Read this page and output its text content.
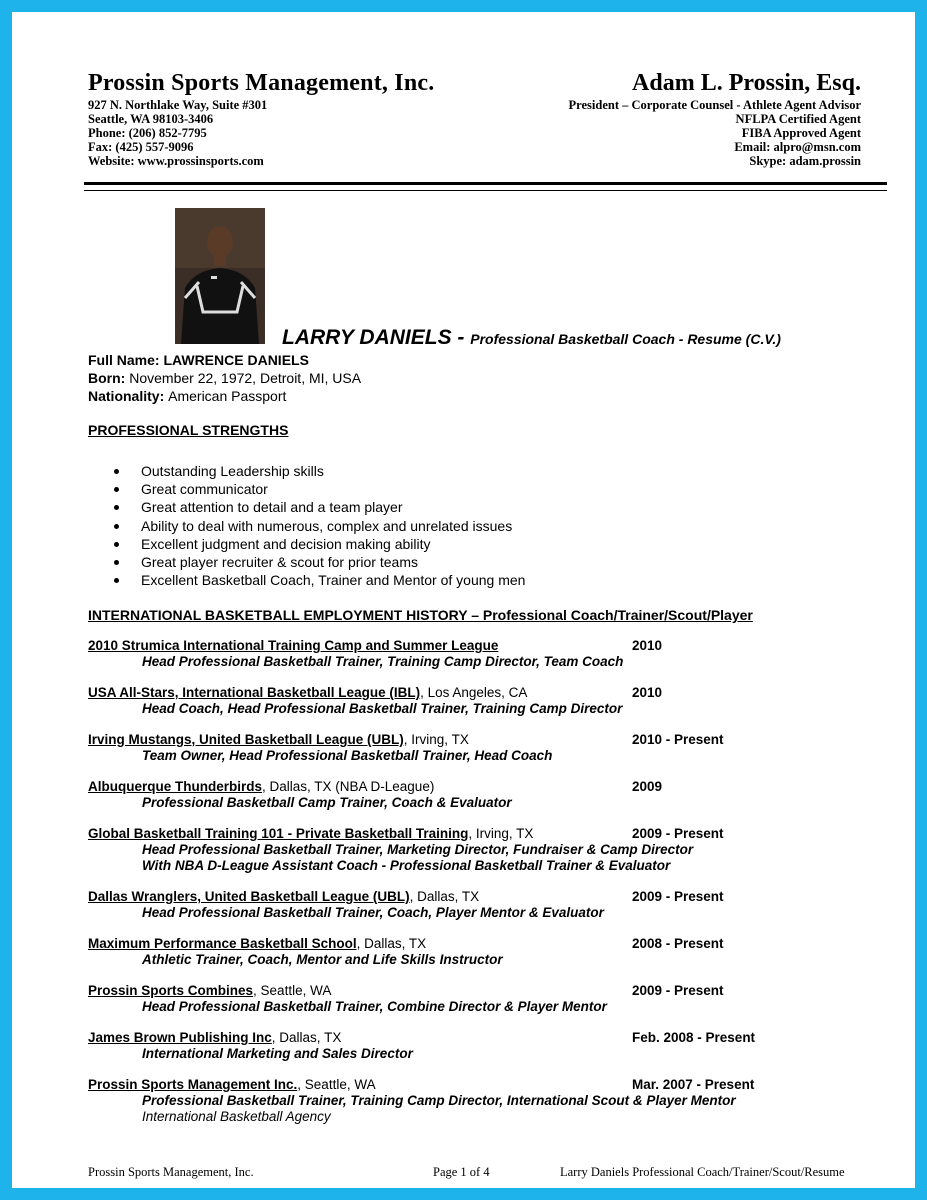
Prossin Sports Management, Inc.	Adam L. Prossin, Esq.
927 N. Northlake Way, Suite #301
Seattle, WA 98103-3406
Phone: (206) 852-7795
Fax: (425) 557-9096
Website: www.prossinsports.com
President – Corporate Counsel - Athlete Agent Advisor
NFLPA Certified Agent
FIBA Approved Agent
Email: alpro@msn.com
Skype: adam.prossin
LARRY DANIELS - Professional Basketball Coach - Resume (C.V.)
Full Name: LAWRENCE DANIELS
Born: November 22, 1972, Detroit, MI, USA
Nationality: American Passport
PROFESSIONAL STRENGTHS
Outstanding Leadership skills
Great communicator
Great attention to detail and a team player
Ability to deal with numerous, complex and unrelated issues
Excellent judgment and decision making ability
Great player recruiter & scout for prior teams
Excellent Basketball Coach, Trainer and Mentor of young men
INTERNATIONAL BASKETBALL EMPLOYMENT HISTORY – Professional Coach/Trainer/Scout/Player
2010 Strumica International Training Camp and Summer League	2010
Head Professional Basketball Trainer, Training Camp Director, Team Coach
USA All-Stars, International Basketball League (IBL), Los Angeles, CA	2010
Head Coach, Head Professional Basketball Trainer, Training Camp Director
Irving Mustangs, United Basketball League (UBL), Irving, TX	2010 - Present
Team Owner, Head Professional Basketball Trainer, Head Coach
Albuquerque Thunderbirds, Dallas, TX (NBA D-League)	2009
Professional Basketball Camp Trainer, Coach & Evaluator
Global Basketball Training 101 - Private Basketball Training, Irving, TX	2009 - Present
Head Professional Basketball Trainer, Marketing Director, Fundraiser & Camp Director
With NBA D-League Assistant Coach - Professional Basketball Trainer & Evaluator
Dallas Wranglers, United Basketball League (UBL), Dallas, TX	2009 - Present
Head Professional Basketball Trainer, Coach, Player Mentor & Evaluator
Maximum Performance Basketball School, Dallas, TX	2008 - Present
Athletic Trainer, Coach, Mentor and Life Skills Instructor
Prossin Sports Combines, Seattle, WA	2009 - Present
Head Professional Basketball Trainer, Combine Director & Player Mentor
James Brown Publishing Inc, Dallas, TX	Feb. 2008 - Present
International Marketing and Sales Director
Prossin Sports Management Inc., Seattle, WA	Mar. 2007 - Present
Professional Basketball Trainer, Training Camp Director, International Scout & Player Mentor
International Basketball Agency
Prossin Sports Management, Inc.	Page 1 of 4	Larry Daniels Professional Coach/Trainer/Scout/Resume
